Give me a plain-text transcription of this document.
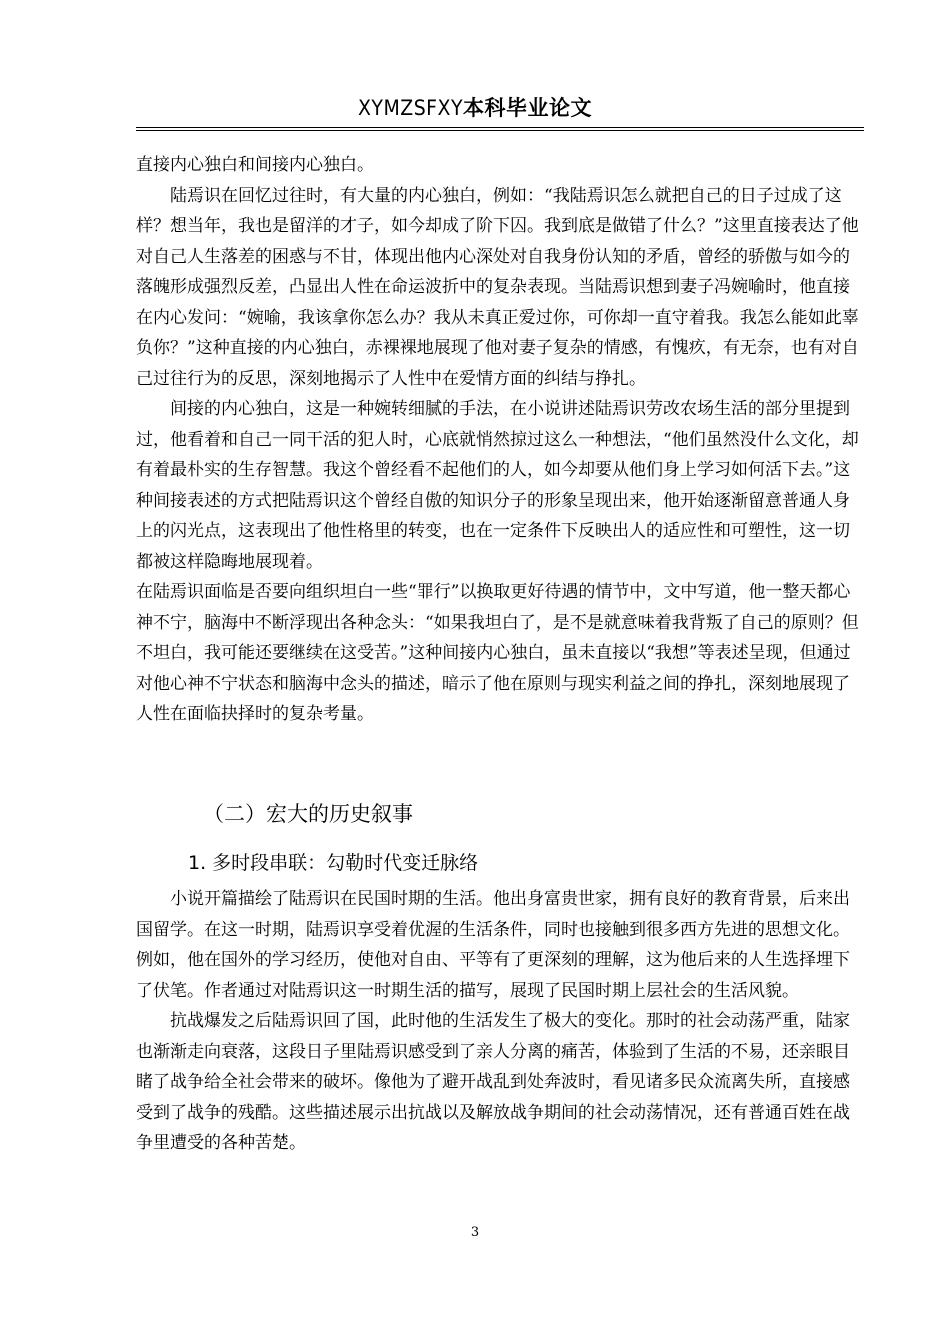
XYMZSFXY本科毕业论文

直接内心独白和间接内心独白。

陆焉识在回忆过往时，有大量的内心独白，例如：“我陆焉识怎么就把自己的日子过成了这样？想当年，我也是留洋的才子，如今却成了阶下囚。我到底是做错了什么？”这里直接表达了他对自己人生落差的困惑与不甘，体现出他内心深处对自我身份认知的矛盾，曾经的骄傲与如今的落魄形成强烈反差，凸显出人性在命运波折中的复杂表现。当陆焉识想到妻子冯婉喻时，他直接在内心发问：“婉喻，我该拿你怎么办？我从未真正爱过你，可你却一直守着我。我怎么能如此辜负你？”这种直接的内心独白，赤裸裸地展现了他对妻子复杂的情感，有愧疚，有无奈，也有对自己过往行为的反思，深刻地揭示了人性中在爱情方面的纠结与挣扎。

间接的内心独白，这是一种婉转细腻的手法，在小说讲述陆焉识劳改农场生活的部分里提到过，他看着和自己一同干活的犯人时，心底就悄然掠过这么一种想法，“他们虽然没什么文化，却有着最朴实的生存智慧。我这个曾经看不起他们的人，如今却要从他们身上学习如何活下去。”这种间接表述的方式把陆焉识这个曾经自傲的知识分子的形象呈现出来，他开始逐渐留意普通人身上的闪光点，这表现出了他性格里的转变，也在一定条件下反映出人的适应性和可塑性，这一切都被这样隐晦地展现着。

在陆焉识面临是否要向组织坦白一些“罪行”以换取更好待遇的情节中，文中写道，他一整天都心神不宁，脑海中不断浮现出各种念头：“如果我坦白了，是不是就意味着我背叛了自己的原则？但不坦白，我可能还要继续在这受苦。”这种间接内心独白，虽未直接以“我想”等表述呈现，但通过对他心神不宁状态和脑海中念头的描述，暗示了他在原则与现实利益之间的挣扎，深刻地展现了人性在面临抉择时的复杂考量。

（二）宏大的历史叙事
1. 多时段串联：勾勒时代变迁脉络

小说开篇描绘了陆焉识在民国时期的生活。他出身富贵世家，拥有良好的教育背景，后来出国留学。在这一时期，陆焉识享受着优渥的生活条件，同时也接触到很多西方先进的思想文化。例如，他在国外的学习经历，使他对自由、平等有了更深刻的理解，这为他后来的人生选择埋下了伏笔。作者通过对陆焉识这一时期生活的描写，展现了民国时期上层社会的生活风貌。

抗战爆发之后陆焉识回了国，此时他的生活发生了极大的变化。那时的社会动荡严重，陆家也渐渐走向衰落，这段日子里陆焉识感受到了亲人分离的痛苦，体验到了生活的不易，还亲眼目睹了战争给全社会带来的破坏。像他为了避开战乱到处奔波时，看见诸多民众流离失所，直接感受到了战争的残酷。这些描述展示出抗战以及解放战争期间的社会动荡情况，还有普通百姓在战争里遭受的各种苦楚。

3
